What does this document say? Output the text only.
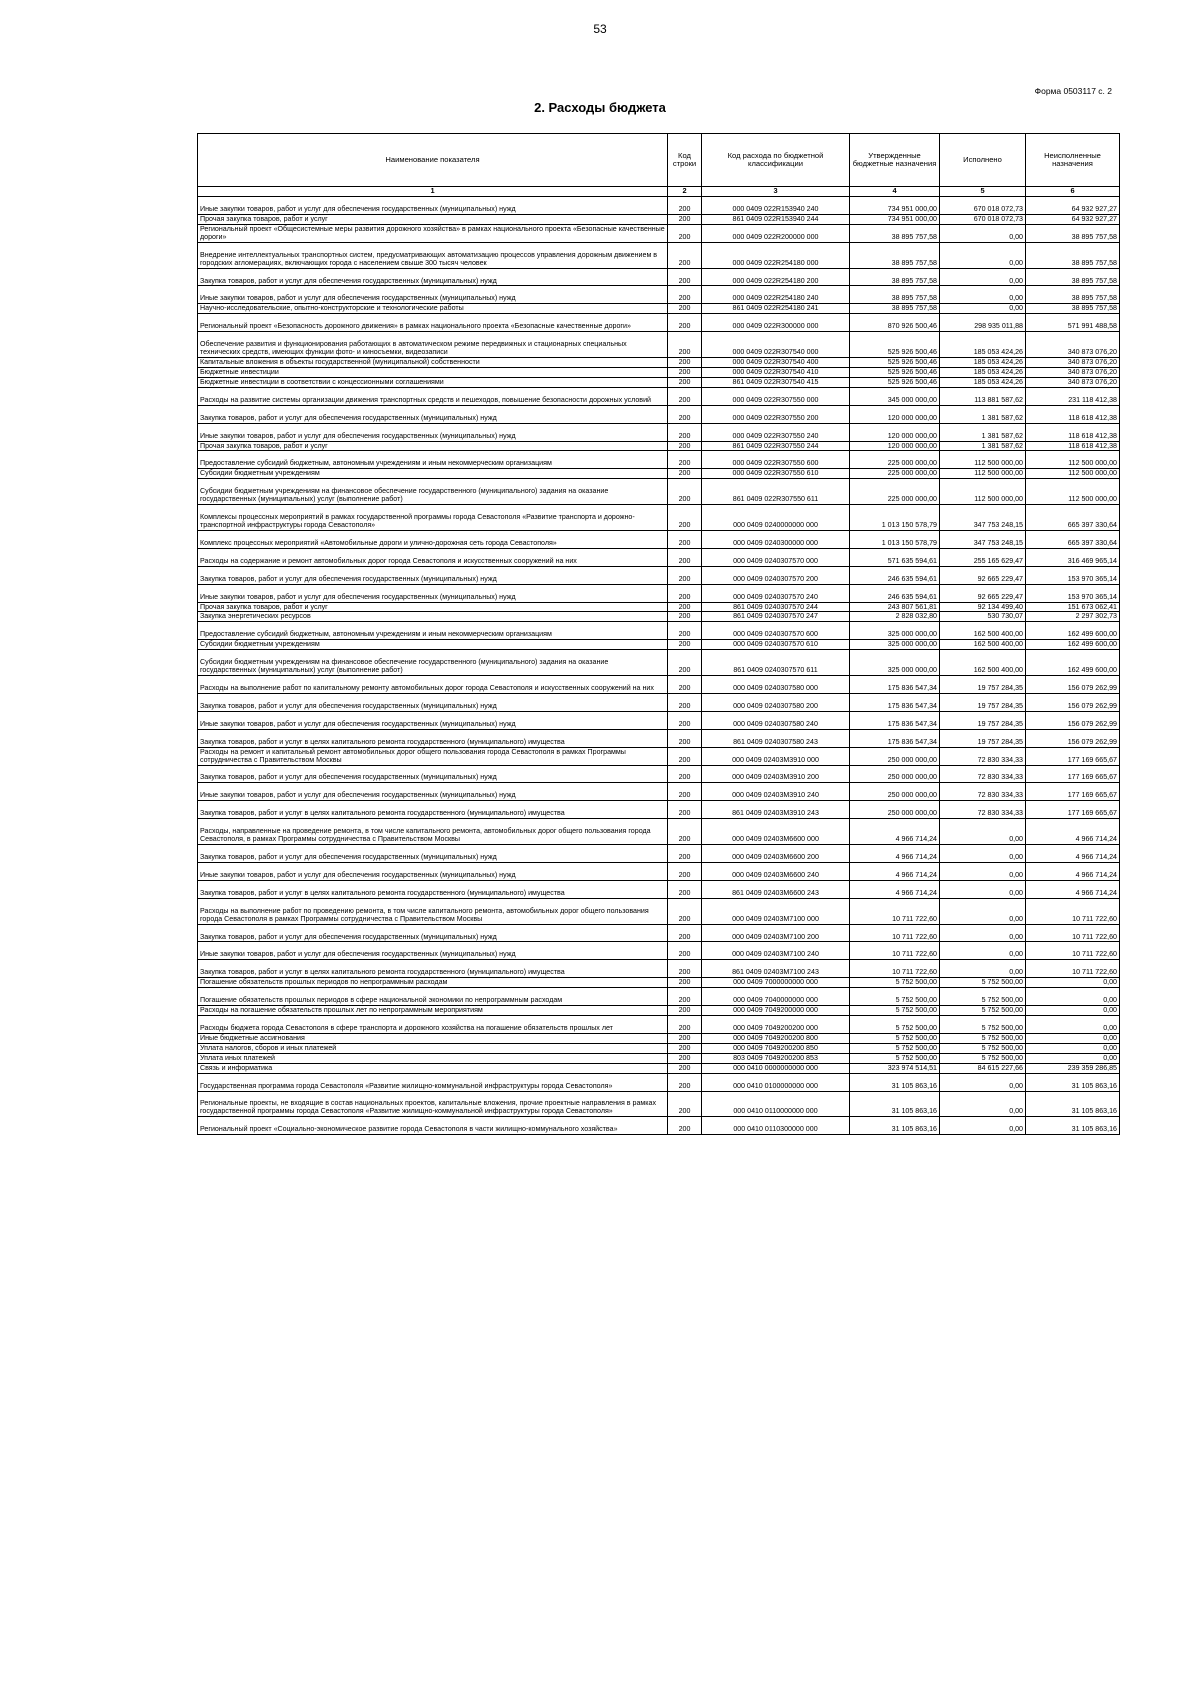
53
Форма 0503117 с. 2
2. Расходы бюджета
Наименование показателя	Код строки	Код расхода по бюджетной классификации	Утвержденные бюджетные назначения	Исполнено	Неисполненные назначения
1	2	3	4	5	6
Иные закупки товаров, работ и услуг для обеспечения государственных (муниципальных) нужд	200	000 0409 022R153940 240	734 951 000,00	670 018 072,73	64 932 927,27
Прочая закупка товаров, работ и услуг	200	861 0409 022R153940 244	734 951 000,00	670 018 072,73	64 932 927,27
Региональный проект «Общесистемные меры развития дорожного хозяйства» в рамках национального проекта «Безопасные качественные дороги»	200	000 0409 022R200000 000	38 895 757,58	0,00	38 895 757,58
Внедрение интеллектуальных транспортных систем, предусматривающих автоматизацию процессов управления дорожным движением в городских агломерациях, включающих города с населением свыше 300 тысяч человек	200	000 0409 022R254180 000	38 895 757,58	0,00	38 895 757,58
Закупка товаров, работ и услуг для обеспечения государственных (муниципальных) нужд	200	000 0409 022R254180 200	38 895 757,58	0,00	38 895 757,58
Иные закупки товаров, работ и услуг для обеспечения государственных (муниципальных) нужд	200	000 0409 022R254180 240	38 895 757,58	0,00	38 895 757,58
Научно-исследовательские, опытно-конструкторские и технологические работы	200	861 0409 022R254180 241	38 895 757,58	0,00	38 895 757,58
Региональный проект «Безопасность дорожного движения» в рамках национального проекта «Безопасные качественные дороги»	200	000 0409 022R300000 000	870 926 500,46	298 935 011,88	571 991 488,58
Обеспечение развития и функционирования работающих в автоматическом режиме передвижных и стационарных специальных технических средств, имеющих функции фото- и киносъемки, видеозаписи	200	000 0409 022R307540 000	525 926 500,46	185 053 424,26	340 873 076,20
Капитальные вложения в объекты государственной (муниципальной) собственности	200	000 0409 022R307540 400	525 926 500,46	185 053 424,26	340 873 076,20
Бюджетные инвестиции	200	000 0409 022R307540 410	525 926 500,46	185 053 424,26	340 873 076,20
Бюджетные инвестиции в соответствии с концессионными соглашениями	200	861 0409 022R307540 415	525 926 500,46	185 053 424,26	340 873 076,20
Расходы на развитие системы организации движения транспортных средств и пешеходов, повышение безопасности дорожных условий	200	000 0409 022R307550 000	345 000 000,00	113 881 587,62	231 118 412,38
Закупка товаров, работ и услуг для обеспечения государственных (муниципальных) нужд	200	000 0409 022R307550 200	120 000 000,00	1 381 587,62	118 618 412,38
Иные закупки товаров, работ и услуг для обеспечения государственных (муниципальных) нужд	200	000 0409 022R307550 240	120 000 000,00	1 381 587,62	118 618 412,38
Прочая закупка товаров, работ и услуг	200	861 0409 022R307550 244	120 000 000,00	1 381 587,62	118 618 412,38
Предоставление субсидий бюджетным, автономным учреждениям и иным некоммерческим организациям	200	000 0409 022R307550 600	225 000 000,00	112 500 000,00	112 500 000,00
Субсидии бюджетным учреждениям	200	000 0409 022R307550 610	225 000 000,00	112 500 000,00	112 500 000,00
Субсидии бюджетным учреждениям на финансовое обеспечение государственного (муниципального) задания на оказание государственных (муниципальных) услуг (выполнение работ)	200	861 0409 022R307550 611	225 000 000,00	112 500 000,00	112 500 000,00
Комплексы процессных мероприятий в рамках государственной программы города Севастополя «Развитие транспорта и дорожно-транспортной инфраструктуры города Севастополя»	200	000 0409 0240000000 000	1 013 150 578,79	347 753 248,15	665 397 330,64
Комплекс процессных мероприятий «Автомобильные дороги и улично-дорожная сеть города Севастополя»	200	000 0409 0240300000 000	1 013 150 578,79	347 753 248,15	665 397 330,64
Расходы на содержание и ремонт автомобильных дорог города Севастополя и искусственных сооружений на них	200	000 0409 0240307570 000	571 635 594,61	255 165 629,47	316 469 965,14
Закупка товаров, работ и услуг для обеспечения государственных (муниципальных) нужд	200	000 0409 0240307570 200	246 635 594,61	92 665 229,47	153 970 365,14
Иные закупки товаров, работ и услуг для обеспечения государственных (муниципальных) нужд	200	000 0409 0240307570 240	246 635 594,61	92 665 229,47	153 970 365,14
Прочая закупка товаров, работ и услуг	200	861 0409 0240307570 244	243 807 561,81	92 134 499,40	151 673 062,41
Закупка энергетических ресурсов	200	861 0409 0240307570 247	2 828 032,80	530 730,07	2 297 302,73
Предоставление субсидий бюджетным, автономным учреждениям и иным некоммерческим организациям	200	000 0409 0240307570 600	325 000 000,00	162 500 400,00	162 499 600,00
Субсидии бюджетным учреждениям	200	000 0409 0240307570 610	325 000 000,00	162 500 400,00	162 499 600,00
Субсидии бюджетным учреждениям на финансовое обеспечение государственного (муниципального) задания на оказание государственных (муниципальных) услуг (выполнение работ)	200	861 0409 0240307570 611	325 000 000,00	162 500 400,00	162 499 600,00
Расходы на выполнение работ по капитальному ремонту автомобильных дорог города Севастополя и искусственных сооружений на них	200	000 0409 0240307580 000	175 836 547,34	19 757 284,35	156 079 262,99
Закупка товаров, работ и услуг для обеспечения государственных (муниципальных) нужд	200	000 0409 0240307580 200	175 836 547,34	19 757 284,35	156 079 262,99
Иные закупки товаров, работ и услуг для обеспечения государственных (муниципальных) нужд	200	000 0409 0240307580 240	175 836 547,34	19 757 284,35	156 079 262,99
Закупка товаров, работ и услуг в целях капитального ремонта государственного (муниципального) имущества	200	861 0409 0240307580 243	175 836 547,34	19 757 284,35	156 079 262,99
Расходы на ремонт и капитальный ремонт автомобильных дорог общего пользования города Севастополя в рамках Программы сотрудничества с Правительством Москвы	200	000 0409 02403М3910 000	250 000 000,00	72 830 334,33	177 169 665,67
Закупка товаров, работ и услуг для обеспечения государственных (муниципальных) нужд	200	000 0409 02403М3910 200	250 000 000,00	72 830 334,33	177 169 665,67
Иные закупки товаров, работ и услуг для обеспечения государственных (муниципальных) нужд	200	000 0409 02403М3910 240	250 000 000,00	72 830 334,33	177 169 665,67
Закупка товаров, работ и услуг в целях капитального ремонта государственного (муниципального) имущества	200	861 0409 02403М3910 243	250 000 000,00	72 830 334,33	177 169 665,67
Расходы, направленные на проведение ремонта, в том числе капитального ремонта, автомобильных дорог общего пользования города Севастополя, в рамках Программы сотрудничества с Правительством Москвы	200	000 0409 02403М6600 000	4 966 714,24	0,00	4 966 714,24
Закупка товаров, работ и услуг для обеспечения государственных (муниципальных) нужд	200	000 0409 02403М6600 200	4 966 714,24	0,00	4 966 714,24
Иные закупки товаров, работ и услуг для обеспечения государственных (муниципальных) нужд	200	000 0409 02403М6600 240	4 966 714,24	0,00	4 966 714,24
Закупка товаров, работ и услуг в целях капитального ремонта государственного (муниципального) имущества	200	861 0409 02403М6600 243	4 966 714,24	0,00	4 966 714,24
Расходы на выполнение работ по проведению ремонта, в том числе капитального ремонта, автомобильных дорог общего пользования города Севастополя в рамках Программы сотрудничества с Правительством Москвы	200	000 0409 02403М7100 000	10 711 722,60	0,00	10 711 722,60
Закупка товаров, работ и услуг для обеспечения государственных (муниципальных) нужд	200	000 0409 02403М7100 200	10 711 722,60	0,00	10 711 722,60
Иные закупки товаров, работ и услуг для обеспечения государственных (муниципальных) нужд	200	000 0409 02403М7100 240	10 711 722,60	0,00	10 711 722,60
Закупка товаров, работ и услуг в целях капитального ремонта государственного (муниципального) имущества	200	861 0409 02403М7100 243	10 711 722,60	0,00	10 711 722,60
Погашение обязательств прошлых периодов по непрограммным расходам	200	000 0409 7000000000 000	5 752 500,00	5 752 500,00	0,00
Погашение обязательств прошлых периодов в сфере национальной экономики по непрограммным расходам	200	000 0409 7040000000 000	5 752 500,00	5 752 500,00	0,00
Расходы на погашение обязательств прошлых лет по непрограммным мероприятиям	200	000 0409 7049200000 000	5 752 500,00	5 752 500,00	0,00
Расходы бюджета города Севастополя в сфере транспорта и дорожного хозяйства на погашение обязательств прошлых лет	200	000 0409 7049200200 000	5 752 500,00	5 752 500,00	0,00
Иные бюджетные ассигнования	200	000 0409 7049200200 800	5 752 500,00	5 752 500,00	0,00
Уплата налогов, сборов и иных платежей	200	000 0409 7049200200 850	5 752 500,00	5 752 500,00	0,00
Уплата иных платежей	200	803 0409 7049200200 853	5 752 500,00	5 752 500,00	0,00
Связь и информатика	200	000 0410 0000000000 000	323 974 514,51	84 615 227,66	239 359 286,85
Государственная программа города Севастополя «Развитие жилищно-коммунальной инфраструктуры города Севастополя»	200	000 0410 0100000000 000	31 105 863,16	0,00	31 105 863,16
Региональные проекты, не входящие в состав национальных проектов, капитальные вложения, прочие проектные направления в рамках государственной программы города Севастополя «Развитие жилищно-коммунальной инфраструктуры города Севастополя»	200	000 0410 0110000000 000	31 105 863,16	0,00	31 105 863,16
Региональный проект «Социально-экономическое развитие города Севастополя в части жилищно-коммунального хозяйства»	200	000 0410 0110300000 000	31 105 863,16	0,00	31 105 863,16
